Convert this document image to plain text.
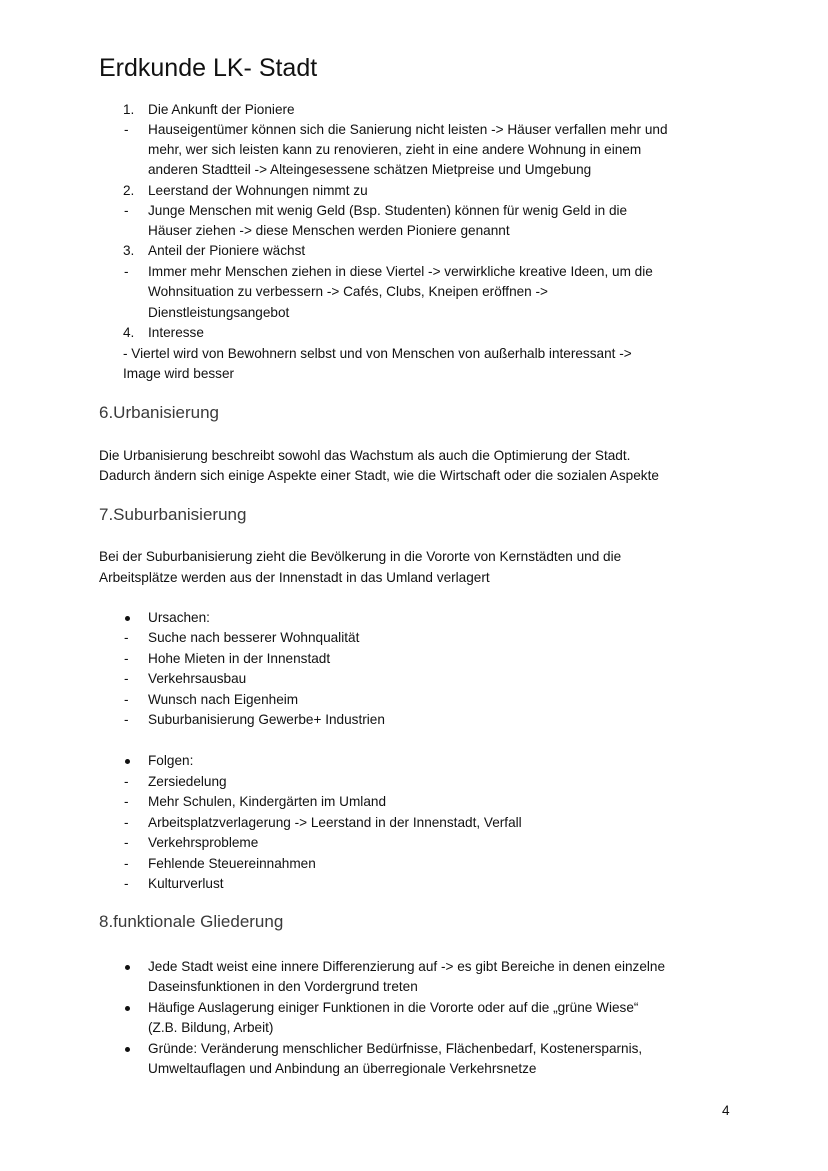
Erdkunde LK- Stadt
1. Die Ankunft der Pioniere
- Hauseigentümer können sich die Sanierung nicht leisten -> Häuser verfallen mehr und
mehr, wer sich leisten kann zu renovieren, zieht in eine andere Wohnung in einem
anderen Stadtteil -> Alteingesessene schätzen Mietpreise und Umgebung
2. Leerstand der Wohnungen nimmt zu
- Junge Menschen mit wenig Geld (Bsp. Studenten) können für wenig Geld in die
Häuser ziehen -> diese Menschen werden Pioniere genannt
3. Anteil der Pioniere wächst
- Immer mehr Menschen ziehen in diese Viertel -> verwirkliche kreative Ideen, um die
Wohnsituation zu verbessern -> Cafés, Clubs, Kneipen eröffnen ->
Dienstleistungsangebot
4. Interesse
- Viertel wird von Bewohnern selbst und von Menschen von außerhalb interessant ->
Image wird besser
6.Urbanisierung
Die Urbanisierung beschreibt sowohl das Wachstum als auch die Optimierung der Stadt.
Dadurch ändern sich einige Aspekte einer Stadt, wie die Wirtschaft oder die sozialen Aspekte
7.Suburbanisierung
Bei der Suburbanisierung zieht die Bevölkerung in die Vororte von Kernstädten und die
Arbeitsplätze werden aus der Innenstadt in das Umland verlagert
Ursachen:
- Suche nach besserer Wohnqualität
- Hohe Mieten in der Innenstadt
- Verkehrsausbau
- Wunsch nach Eigenheim
- Suburbanisierung Gewerbe+ Industrien
Folgen:
- Zersiedelung
- Mehr Schulen, Kindergärten im Umland
- Arbeitsplatzverlagerung -> Leerstand in der Innenstadt, Verfall
- Verkehrsprobleme
- Fehlende Steuereinnahmen
- Kulturverlust
8.funktionale Gliederung
Jede Stadt weist eine innere Differenzierung auf -> es gibt Bereiche in denen einzelne
Daseinsfunktionen in den Vordergrund treten
Häufige Auslagerung einiger Funktionen in die Vororte oder auf die „grüne Wiese“
(Z.B. Bildung, Arbeit)
Gründe: Veränderung menschlicher Bedürfnisse, Flächenbedarf, Kostenersparnis,
Umweltauflagen und Anbindung an überregionale Verkehrsnetze
4
